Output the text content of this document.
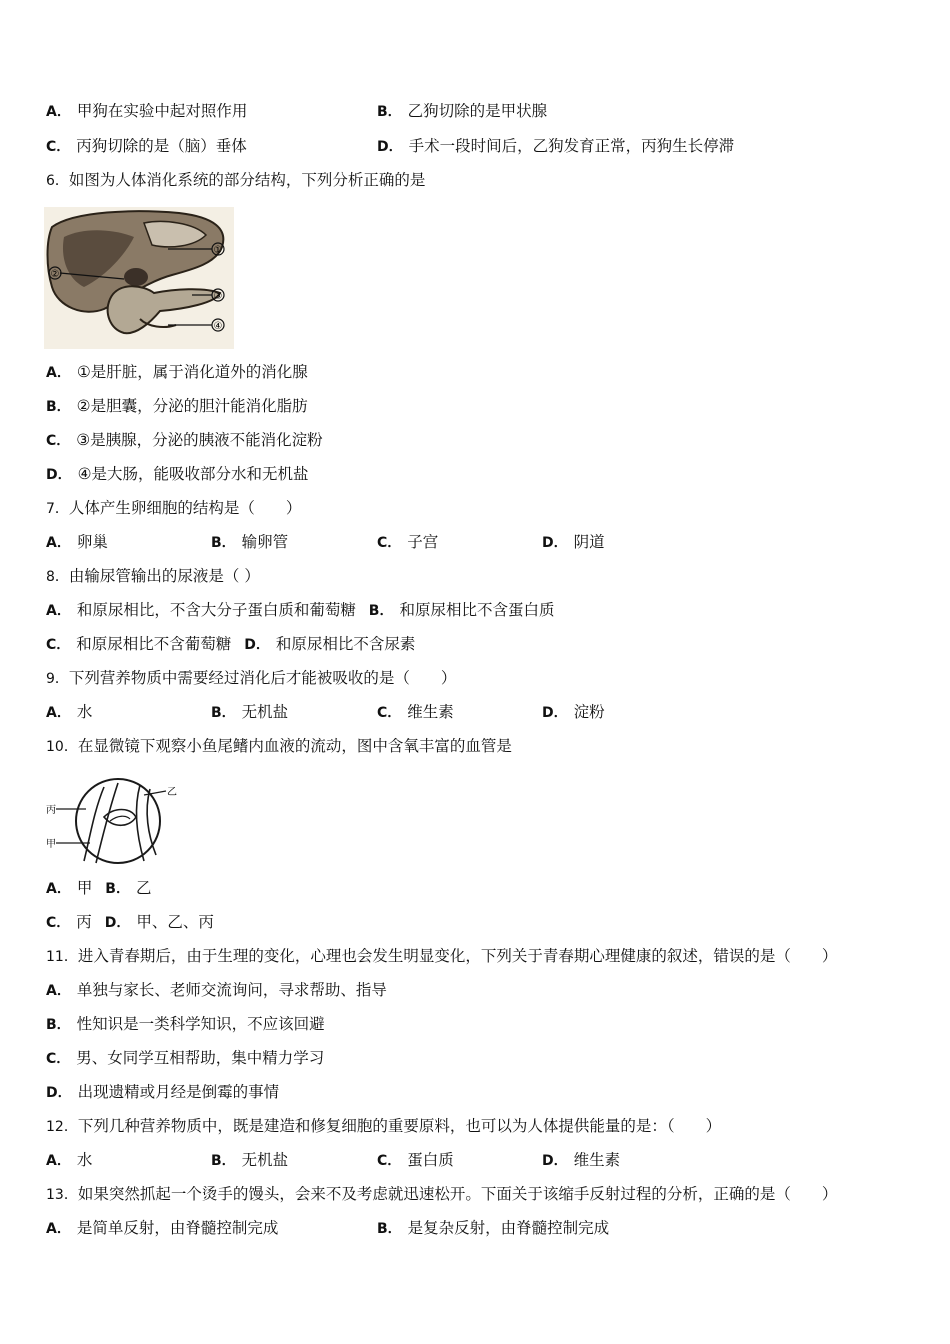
A． 甲狗在实验中起对照作用	B． 乙狗切除的是甲状腺
C． 丙狗切除的是（脑）垂体	D． 手术一段时间后，乙狗发育正常，丙狗生长停滞
6．如图为人体消化系统的部分结构，下列分析正确的是
①
②
③
④
A． ①是肝脏，属于消化道外的消化腺
B． ②是胆囊，分泌的胆汁能消化脂肪
C． ③是胰腺，分泌的胰液不能消化淀粉
D． ④是大肠，能吸收部分水和无机盐
7．人体产生卵细胞的结构是（　　）
A． 卵巢	B． 输卵管	C． 子宫	D． 阴道
8．由输尿管输出的尿液是（ ）
A． 和原尿相比，不含大分子蛋白质和葡萄糖 B． 和原尿相比不含蛋白质
C． 和原尿相比不含葡萄糖 D． 和原尿相比不含尿素
9．下列营养物质中需要经过消化后才能被吸收的是（　　）
A． 水	B． 无机盐	C． 维生素	D． 淀粉
10．在显微镜下观察小鱼尾鳍内血液的流动，图中含氧丰富的血管是
丙
甲
乙
A． 甲 B． 乙
C． 丙 D． 甲、乙、丙
11．进入青春期后，由于生理的变化，心理也会发生明显变化，下列关于青春期心理健康的叙述，错误的是（　　）
A． 单独与家长、老师交流询问，寻求帮助、指导
B． 性知识是一类科学知识，不应该回避
C． 男、女同学互相帮助，集中精力学习
D． 出现遗精或月经是倒霉的事情
12．下列几种营养物质中，既是建造和修复细胞的重要原料，也可以为人体提供能量的是：（　　）
A． 水	B． 无机盐	C． 蛋白质	D． 维生素
13．如果突然抓起一个烫手的馒头，会来不及考虑就迅速松开。下面关于该缩手反射过程的分析，正确的是（　　）
A． 是简单反射，由脊髓控制完成	B． 是复杂反射，由脊髓控制完成
